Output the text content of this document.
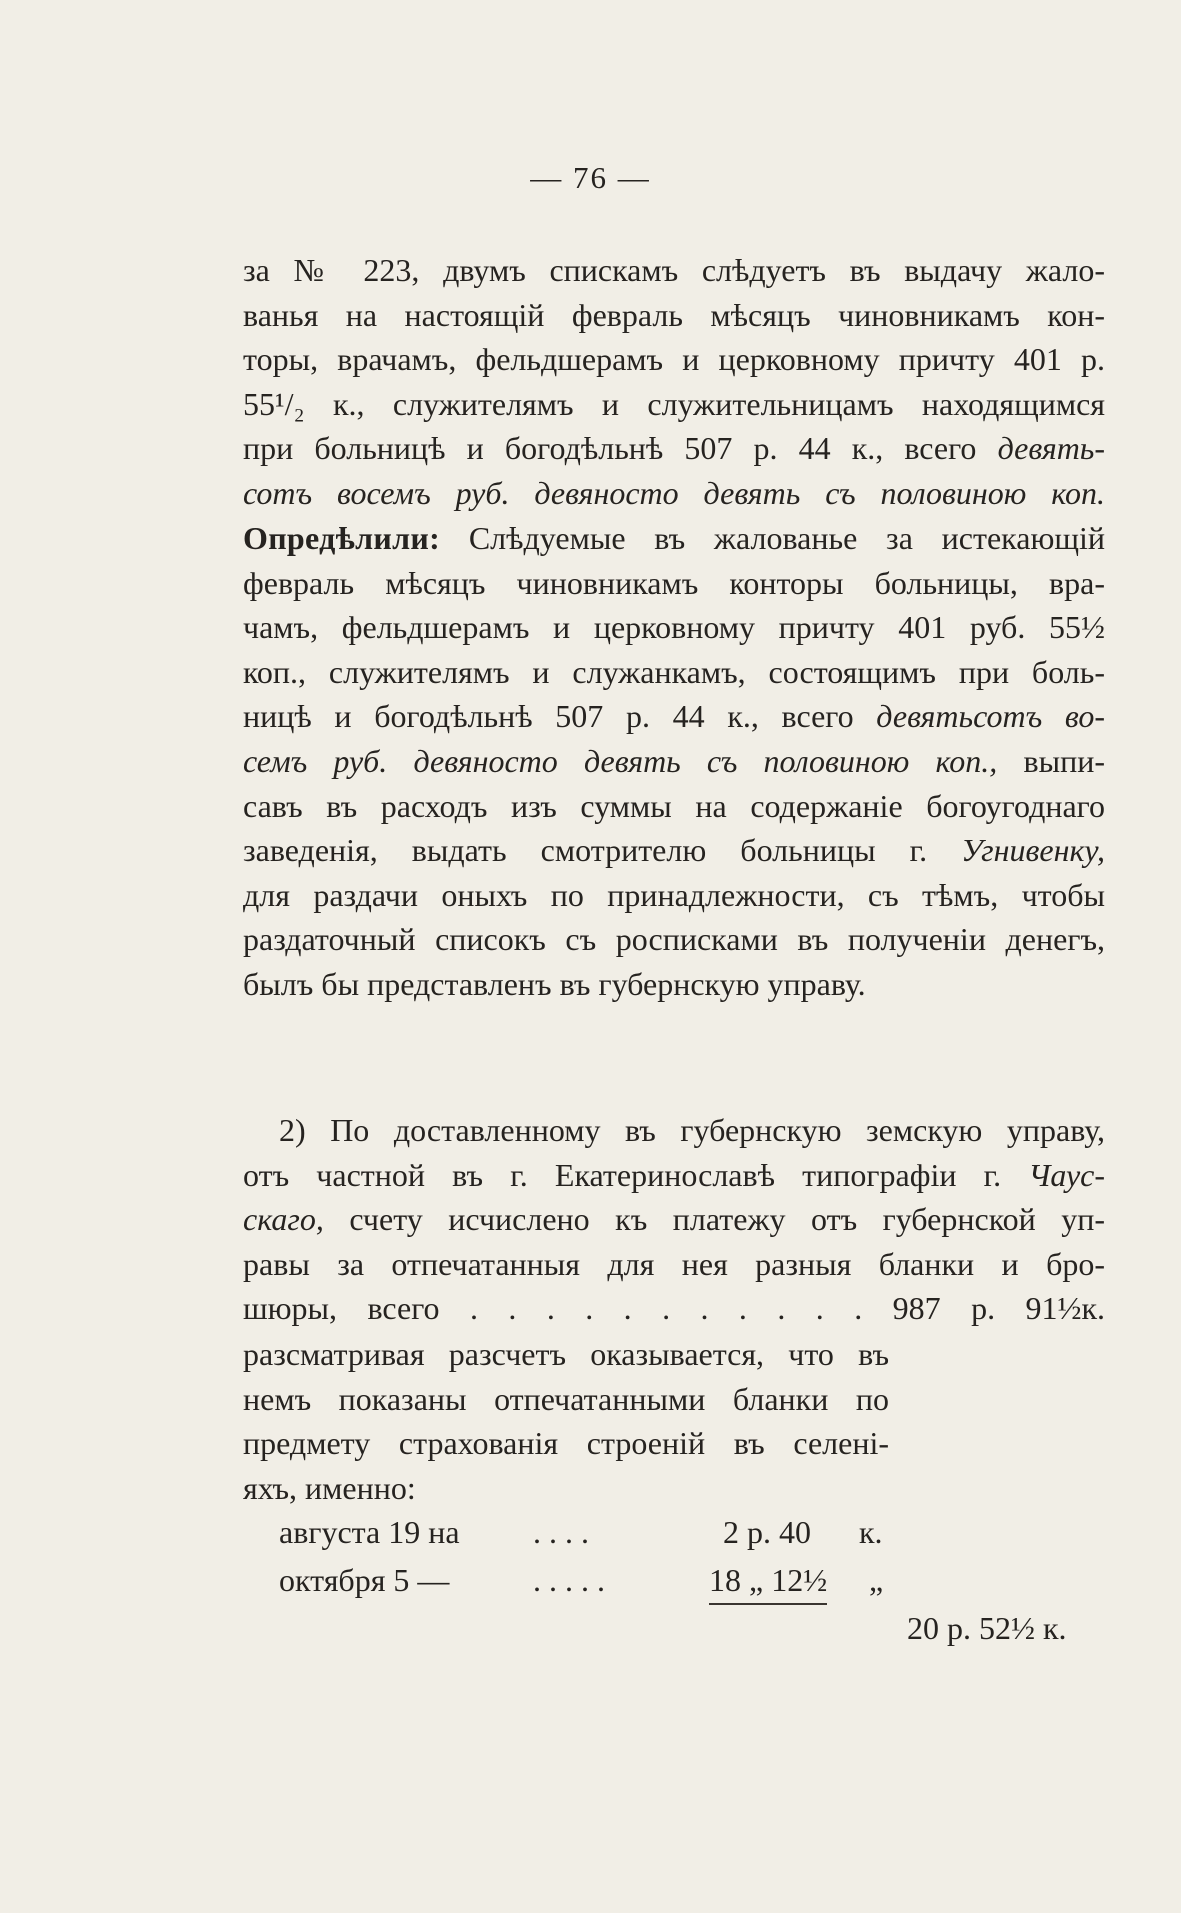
— 76 —
за № 223, двумъ спискамъ слѣдуетъ въ выдачу жало-
ванья на настоящій февраль мѣсяцъ чиновникамъ кон-
торы, врачамъ, фельдшерамъ и церковному причту 401 р.
55¹/₂ к., служителямъ и служительницамъ находящимся
при больницѣ и богодѣльнѣ 507 р. 44 к., всего девять-
сотъ восемъ руб. девяносто девять съ половиною коп.
Опредѣлили: Слѣдуемые въ жалованье за истекающій
февраль мѣсяцъ чиновникамъ конторы больницы, вра-
чамъ, фельдшерамъ и церковному причту 401 руб. 55½
коп., служителямъ и служанкамъ, состоящимъ при боль-
ницѣ и богодѣльнѣ 507 р. 44 к., всего девятьсотъ во-
семъ руб. девяносто девять съ половиною коп., выпи-
савъ въ расходъ изъ суммы на содержаніе богоугоднаго
заведенія, выдать смотрителю больницы г. Угнивенку,
для раздачи оныхъ по принадлежности, съ тѣмъ, чтобы
раздаточный списокъ съ росписками въ полученіи денегъ,
былъ бы представленъ въ губернскую управу.
2) По доставленному въ губернскую земскую управу,
отъ частной въ г. Екатеринославѣ типографіи г. Чаус-
скаго, счету исчислено къ платежу отъ губернской уп-
равы за отпечатанныя для нея разныя бланки и бро-
шюры, всего . . . . . . . . . . . 987 р. 91½к.
разсматривая разсчетъ оказывается, что въ
немъ показаны отпечатанными бланки по
предмету страхованія строеній въ селені-
яхъ, именно:
августа 19 на . . . .	2 р. 40 к.
октября 5 —	. . . . .	18 „ 12½ „
20 р. 52½ к.
